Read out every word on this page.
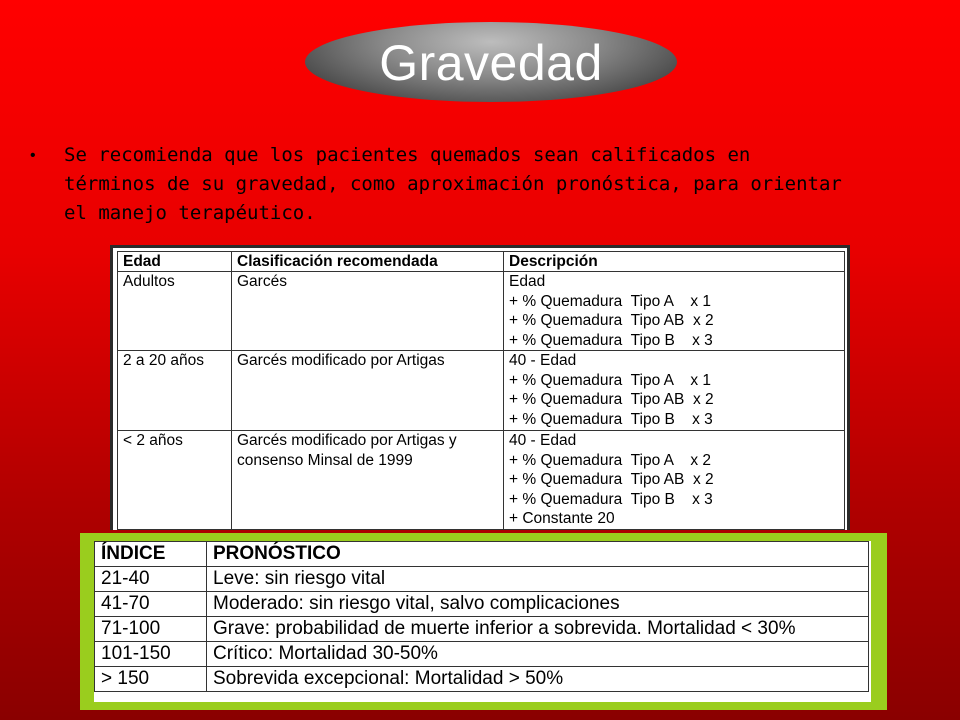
Gravedad
•	Se recomienda que los pacientes quemados sean calificados en términos de su gravedad, como aproximación pronóstica, para orientar el manejo terapéutico.
Edad	Clasificación recomendada	Descripción
Adultos	Garcés	Edad
+ % Quemadura  Tipo A    x 1
+ % Quemadura  Tipo AB  x 2
+ % Quemadura  Tipo B    x 3

2 a 20 años	Garcés modificado por Artigas	40 - Edad
+ % Quemadura  Tipo A    x 1
+ % Quemadura  Tipo AB  x 2
+ % Quemadura  Tipo B    x 3

< 2 años	Garcés modificado por Artigas y consenso Minsal de 1999	40 - Edad
+ % Quemadura  Tipo A    x 2
+ % Quemadura  Tipo AB  x 2
+ % Quemadura  Tipo B    x 3
+ Constante 20
ÍNDICE	PRONÓSTICO
21-40	Leve: sin riesgo vital
41-70	Moderado: sin riesgo vital, salvo complicaciones
71-100	Grave: probabilidad de muerte inferior a sobrevida. Mortalidad < 30%
101-150	Crítico: Mortalidad 30-50%
> 150	Sobrevida excepcional: Mortalidad > 50%
